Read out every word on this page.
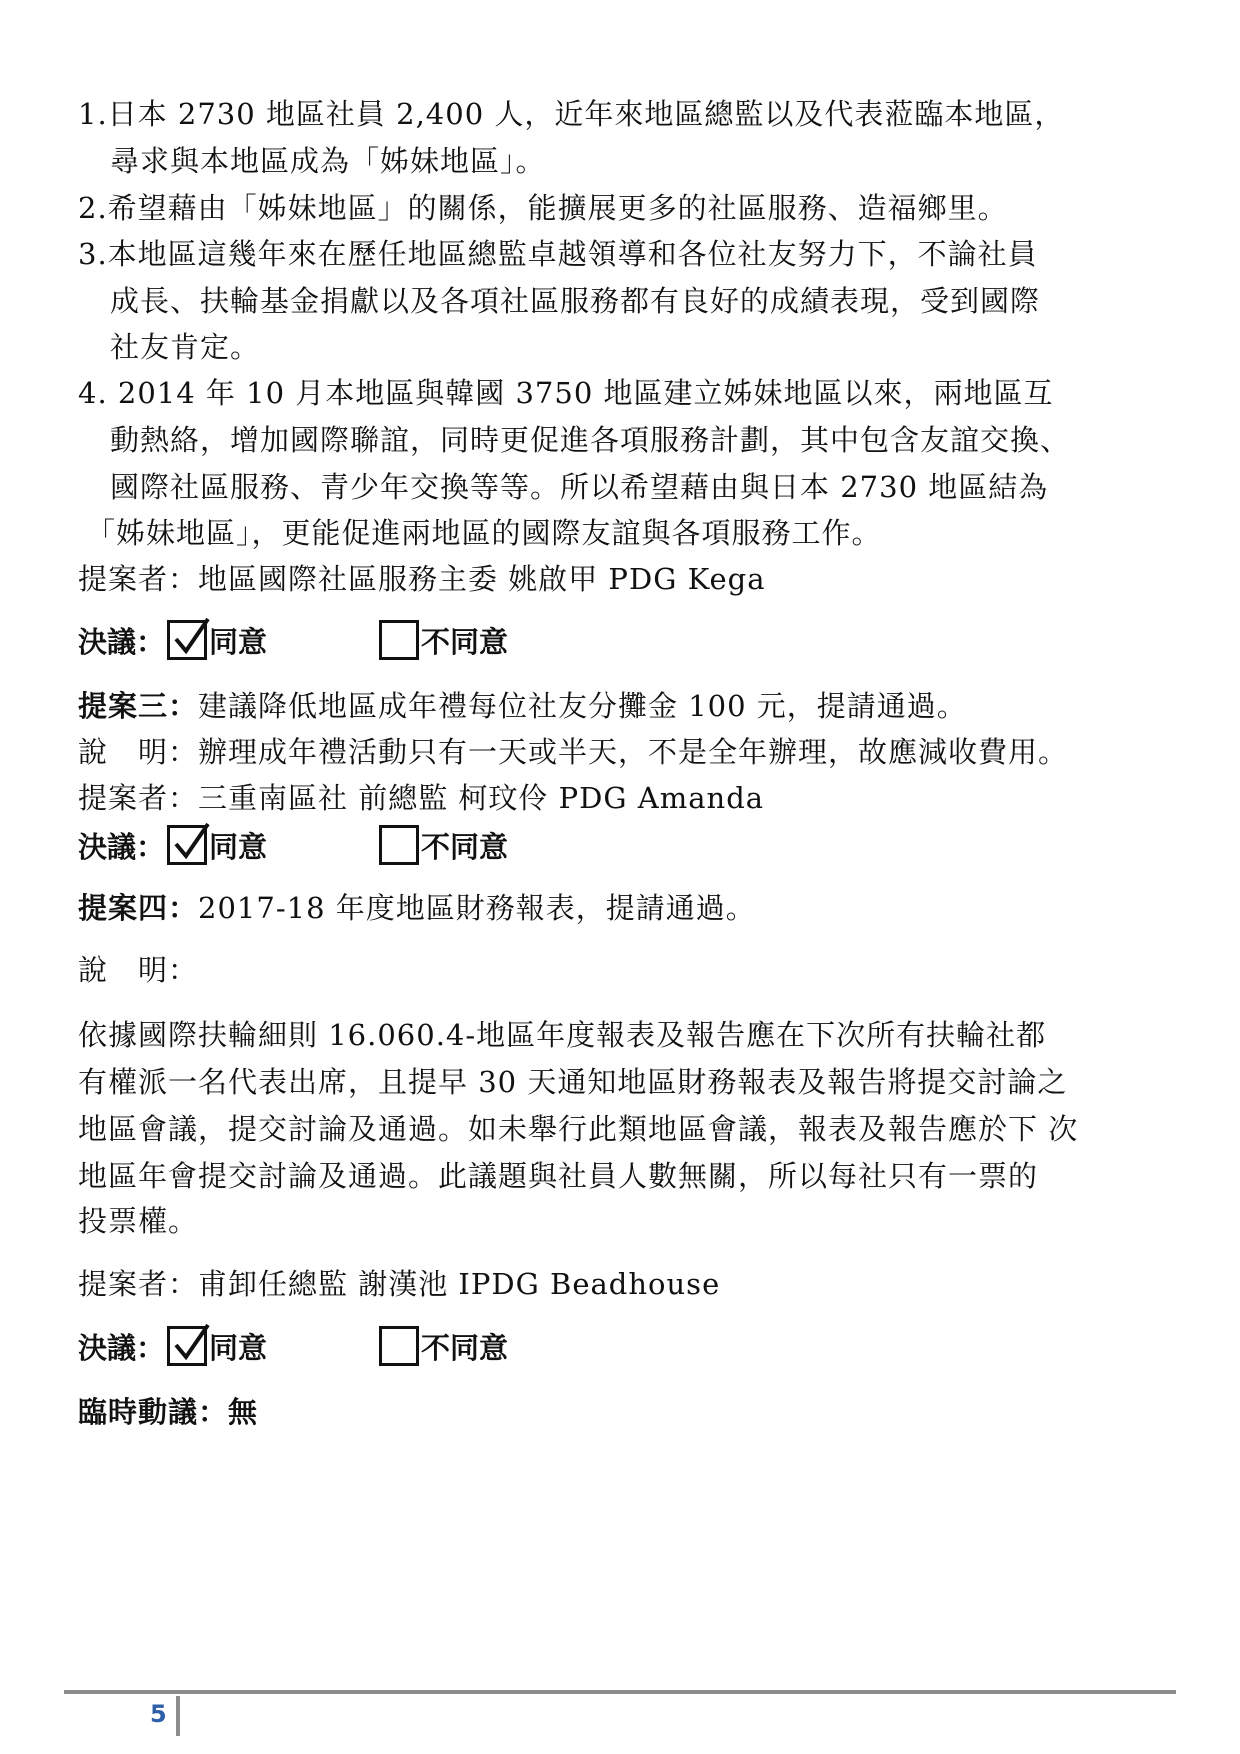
1.日本 2730 地區社員 2,400 人，近年來地區總監以及代表蒞臨本地區，
尋求與本地區成為「姊妹地區」。
2.希望藉由「姊妹地區」的關係，能擴展更多的社區服務、造福鄉里。
3.本地區這幾年來在歷任地區總監卓越領導和各位社友努力下，不論社員
成長、扶輪基金捐獻以及各項社區服務都有良好的成績表現，受到國際
社友肯定。
4. 2014 年 10 月本地區與韓國 3750 地區建立姊妹地區以來，兩地區互
動熱絡，增加國際聯誼，同時更促進各項服務計劃，其中包含友誼交換、
國際社區服務、青少年交換等等。所以希望藉由與日本 2730 地區結為
「姊妹地區」，更能促進兩地區的國際友誼與各項服務工作。
提案者：地區國際社區服務主委 姚啟甲 PDG Kega
決議： 同意	不同意
提案三：建議降低地區成年禮每位社友分攤金 100 元，提請通過。
說　明：辦理成年禮活動只有一天或半天，不是全年辦理，故應減收費用。
提案者：三重南區社 前總監 柯玟伶 PDG Amanda
決議： 同意	不同意
提案四：2017-18 年度地區財務報表，提請通過。
說　明：
依據國際扶輪細則 16.060.4-地區年度報表及報告應在下次所有扶輪社都
有權派一名代表出席，且提早 30 天通知地區財務報表及報告將提交討論之
地區會議，提交討論及通過。如未舉行此類地區會議，報表及報告應於下 次
地區年會提交討論及通過。此議題與社員人數無關，所以每社只有一票的
投票權。
提案者：甫卸任總監 謝漢池 IPDG Beadhouse
決議： 同意	不同意
臨時動議：無
5
